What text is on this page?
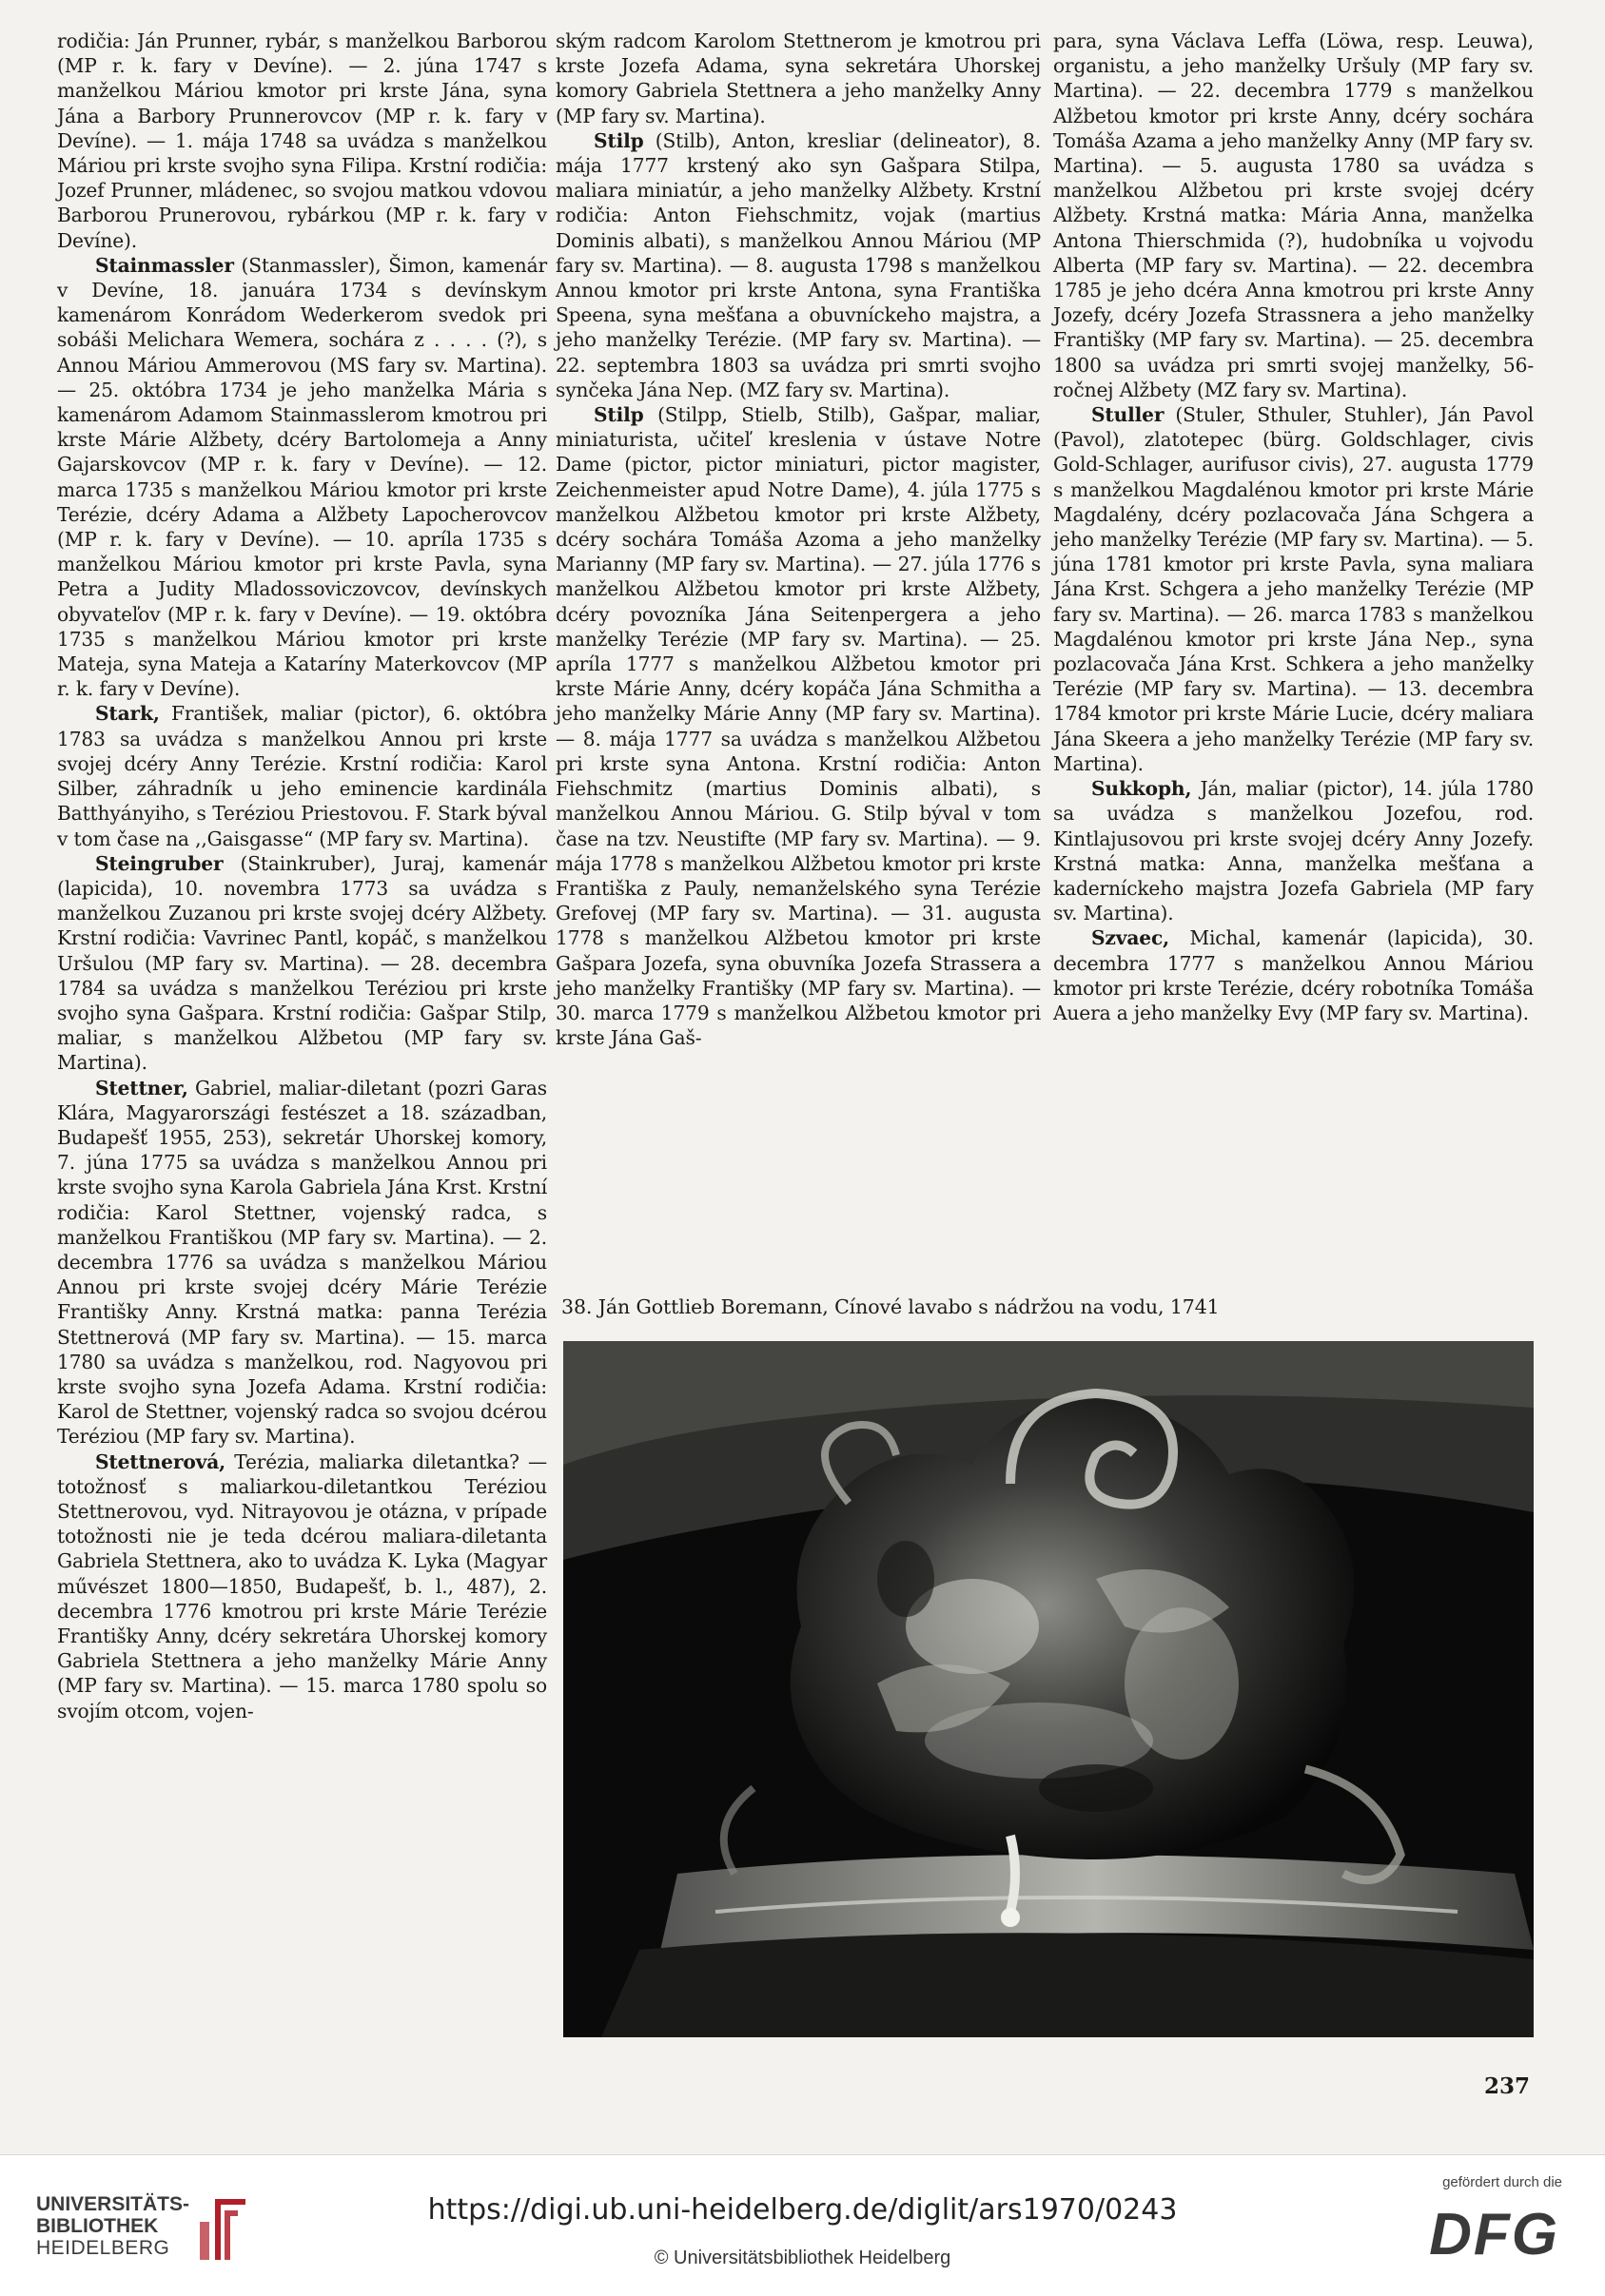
rodičia: Ján Prunner, rybár, s manželkou Barborou (MP r. k. fary v Devíne). — 2. júna 1747 s manželkou Máriou kmotor pri krste Jána, syna Jána a Barbory Prunnerovcov (MP r. k. fary v Devíne). — 1. mája 1748 sa uvádza s manželkou Máriou pri krste svojho syna Filipa. Krstní rodičia: Jozef Prunner, mládenec, so svojou matkou vdovou Barborou Prunerovou, rybárkou (MP r. k. fary v Devíne).

Stainmassler (Stanmassler), Šimon, kamenár v Devíne, 18. januára 1734 s devínskym kamenárom Konrádom Wederkerom svedok pri sobáši Melichara Wemera, sochára z . . . . (?), s Annou Máriou Ammerovou (MS fary sv. Martina). — 25. októbra 1734 je jeho manželka Mária s kamenárom Adamom Stainmasslerom kmotrou pri krste Márie Alžbety, dcéry Bartolomeja a Anny Gajarskovcov (MP r. k. fary v Devíne). — 12. marca 1735 s manželkou Máriou kmotor pri krste Terézie, dcéry Adama a Alžbety Lapocherovcov (MP r. k. fary v Devíne). — 10. apríla 1735 s manželkou Máriou kmotor pri krste Pavla, syna Petra a Judity Mladossoviczovcov, devínskych obyvateľov (MP r. k. fary v Devíne). — 19. októbra 1735 s manželkou Máriou kmotor pri krste Mateja, syna Mateja a Kataríny Materkovcov (MP r. k. fary v Devíne).

Stark, František, maliar (pictor), 6. októbra 1783 sa uvádza s manželkou Annou pri krste svojej dcéry Anny Terézie. Krstní rodičia: Karol Silber, záhradník u jeho eminencie kardinála Batthyányiho, s Teréziou Priestovou. F. Stark býval v tom čase na ,,Gaisgasse“ (MP fary sv. Martina).

Steingruber (Stainkruber), Juraj, kamenár (lapicida), 10. novembra 1773 sa uvádza s manželkou Zuzanou pri krste svojej dcéry Alžbety. Krstní rodičia: Vavrinec Pantl, kopáč, s manželkou Uršulou (MP fary sv. Martina). — 28. decembra 1784 sa uvádza s manželkou Teréziou pri krste svojho syna Gašpara. Krstní rodičia: Gašpar Stilp, maliar, s manželkou Alžbetou (MP fary sv. Martina).

Stettner, Gabriel, maliar-diletant (pozri Garas Klára, Magyarországi festészet a 18. században, Budapešť 1955, 253), sekretár Uhorskej komory, 7. júna 1775 sa uvádza s manželkou Annou pri krste svojho syna Karola Gabriela Jána Krst. Krstní rodičia: Karol Stettner, vojenský radca, s manželkou Františkou (MP fary sv. Martina). — 2. decembra 1776 sa uvádza s manželkou Máriou Annou pri krste svojej dcéry Márie Terézie Františky Anny. Krstná matka: panna Terézia Stettnerová (MP fary sv. Martina). — 15. marca 1780 sa uvádza s manželkou, rod. Nagyovou pri krste svojho syna Jozefa Adama. Krstní rodičia: Karol de Stettner, vojenský radca so svojou dcérou Teréziou (MP fary sv. Martina).

Stettnerová, Terézia, maliarka diletantka? — totožnosť s maliarkou-diletantkou Teréziou Stettnerovou, vyd. Nitrayovou je otázna, v prípade totožnosti nie je teda dcérou maliara-diletanta Gabriela Stettnera, ako to uvádza K. Lyka (Magyar művészet 1800—1850, Budapešť, b. l., 487), 2. decembra 1776 kmotrou pri krste Márie Terézie Františky Anny, dcéry sekretára Uhorskej komory Gabriela Stettnera a jeho manželky Márie Anny (MP fary sv. Martina). — 15. marca 1780 spolu so svojím otcom, vojen-

ským radcom Karolom Stettnerom je kmotrou pri krste Jozefa Adama, syna sekretára Uhorskej komory Gabriela Stettnera a jeho manželky Anny (MP fary sv. Martina).

Stilp (Stilb), Anton, kresliar (delineator), 8. mája 1777 krstený ako syn Gašpara Stilpa, maliara miniatúr, a jeho manželky Alžbety. Krstní rodičia: Anton Fiehschmitz, vojak (martius Dominis albati), s manželkou Annou Máriou (MP fary sv. Martina). — 8. augusta 1798 s manželkou Annou kmotor pri krste Antona, syna Františka Speena, syna mešťana a obuvníckeho majstra, a jeho manželky Terézie. (MP fary sv. Martina). — 22. septembra 1803 sa uvádza pri smrti svojho synčeka Jána Nep. (MZ fary sv. Martina).

Stilp (Stilpp, Stielb, Stilb), Gašpar, maliar, miniaturista, učiteľ kreslenia v ústave Notre Dame (pictor, pictor miniaturi, pictor magister, Zeichenmeister apud Notre Dame), 4. júla 1775 s manželkou Alžbetou kmotor pri krste Alžbety, dcéry sochára Tomáša Azoma a jeho manželky Marianny (MP fary sv. Martina). — 27. júla 1776 s manželkou Alžbetou kmotor pri krste Alžbety, dcéry povozníka Jána Seitenpergera a jeho manželky Terézie (MP fary sv. Martina). — 25. apríla 1777 s manželkou Alžbetou kmotor pri krste Márie Anny, dcéry kopáča Jána Schmitha a jeho manželky Márie Anny (MP fary sv. Martina). — 8. mája 1777 sa uvádza s manželkou Alžbetou pri krste syna Antona. Krstní rodičia: Anton Fiehschmitz (martius Dominis albati), s manželkou Annou Máriou. G. Stilp býval v tom čase na tzv. Neustifte (MP fary sv. Martina). — 9. mája 1778 s manželkou Alžbetou kmotor pri krste Františka z Pauly, nemanželského syna Terézie Grefovej (MP fary sv. Martina). — 31. augusta 1778 s manželkou Alžbetou kmotor pri krste Gašpara Jozefa, syna obuvníka Jozefa Strassera a jeho manželky Františky (MP fary sv. Martina). — 30. marca 1779 s manželkou Alžbetou kmotor pri krste Jána Gaš-

para, syna Václava Leffa (Löwa, resp. Leuwa), organistu, a jeho manželky Uršuly (MP fary sv. Martina). — 22. decembra 1779 s manželkou Alžbetou kmotor pri krste Anny, dcéry sochára Tomáša Azama a jeho manželky Anny (MP fary sv. Martina). — 5. augusta 1780 sa uvádza s manželkou Alžbetou pri krste svojej dcéry Alžbety. Krstná matka: Mária Anna, manželka Antona Thierschmida (?), hudobníka u vojvodu Alberta (MP fary sv. Martina). — 22. decembra 1785 je jeho dcéra Anna kmotrou pri krste Anny Jozefy, dcéry Jozefa Strassnera a jeho manželky Františky (MP fary sv. Martina). — 25. decembra 1800 sa uvádza pri smrti svojej manželky, 56-ročnej Alžbety (MZ fary sv. Martina).

Stuller (Stuler, Sthuler, Stuhler), Ján Pavol (Pavol), zlatotepec (bürg. Goldschlager, civis Gold-Schlager, aurifusor civis), 27. augusta 1779 s manželkou Magdalénou kmotor pri krste Márie Magdalény, dcéry pozlacovača Jána Schgera a jeho manželky Terézie (MP fary sv. Martina). — 5. júna 1781 kmotor pri krste Pavla, syna maliara Jána Krst. Schgera a jeho manželky Terézie (MP fary sv. Martina). — 26. marca 1783 s manželkou Magdalénou kmotor pri krste Jána Nep., syna pozlacovača Jána Krst. Schkera a jeho manželky Terézie (MP fary sv. Martina). — 13. decembra 1784 kmotor pri krste Márie Lucie, dcéry maliara Jána Skeera a jeho manželky Terézie (MP fary sv. Martina).

Sukkoph, Ján, maliar (pictor), 14. júla 1780 sa uvádza s manželkou Jozefou, rod. Kintlajusovou pri krste svojej dcéry Anny Jozefy. Krstná matka: Anna, manželka mešťana a kaderníckeho majstra Jozefa Gabriela (MP fary sv. Martina).

Szvaec, Michal, kamenár (lapicida), 30. decembra 1777 s manželkou Annou Máriou kmotor pri krste Terézie, dcéry robotníka Tomáša Auera a jeho manželky Evy (MP fary sv. Martina).

38. Ján Gottlieb Boremann, Cínové lavabo s nádržou na vodu, 1741
237
UNIVERSITÄTS-
BIBLIOTHEK
HEIDELBERG
https://digi.ub.uni-heidelberg.de/diglit/ars1970/0243
© Universitätsbibliothek Heidelberg
gefördert durch die
DFG
